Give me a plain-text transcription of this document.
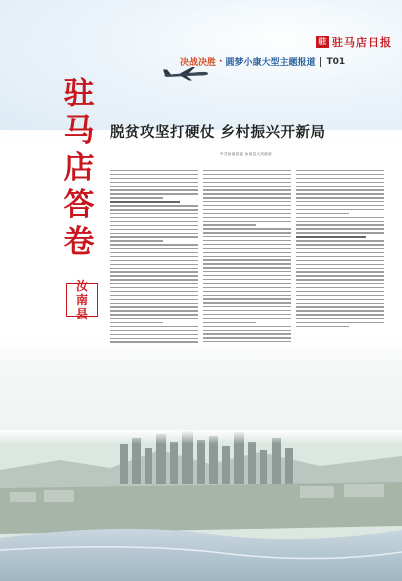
驻 驻马店日报
决战决胜 · 圆梦小康大型主题报道 T01
驻
马
店
答
卷
汝
南
县
脱贫攻坚打硬仗 乡村振兴开新局
中共汝南县委 汝南县人民政府
